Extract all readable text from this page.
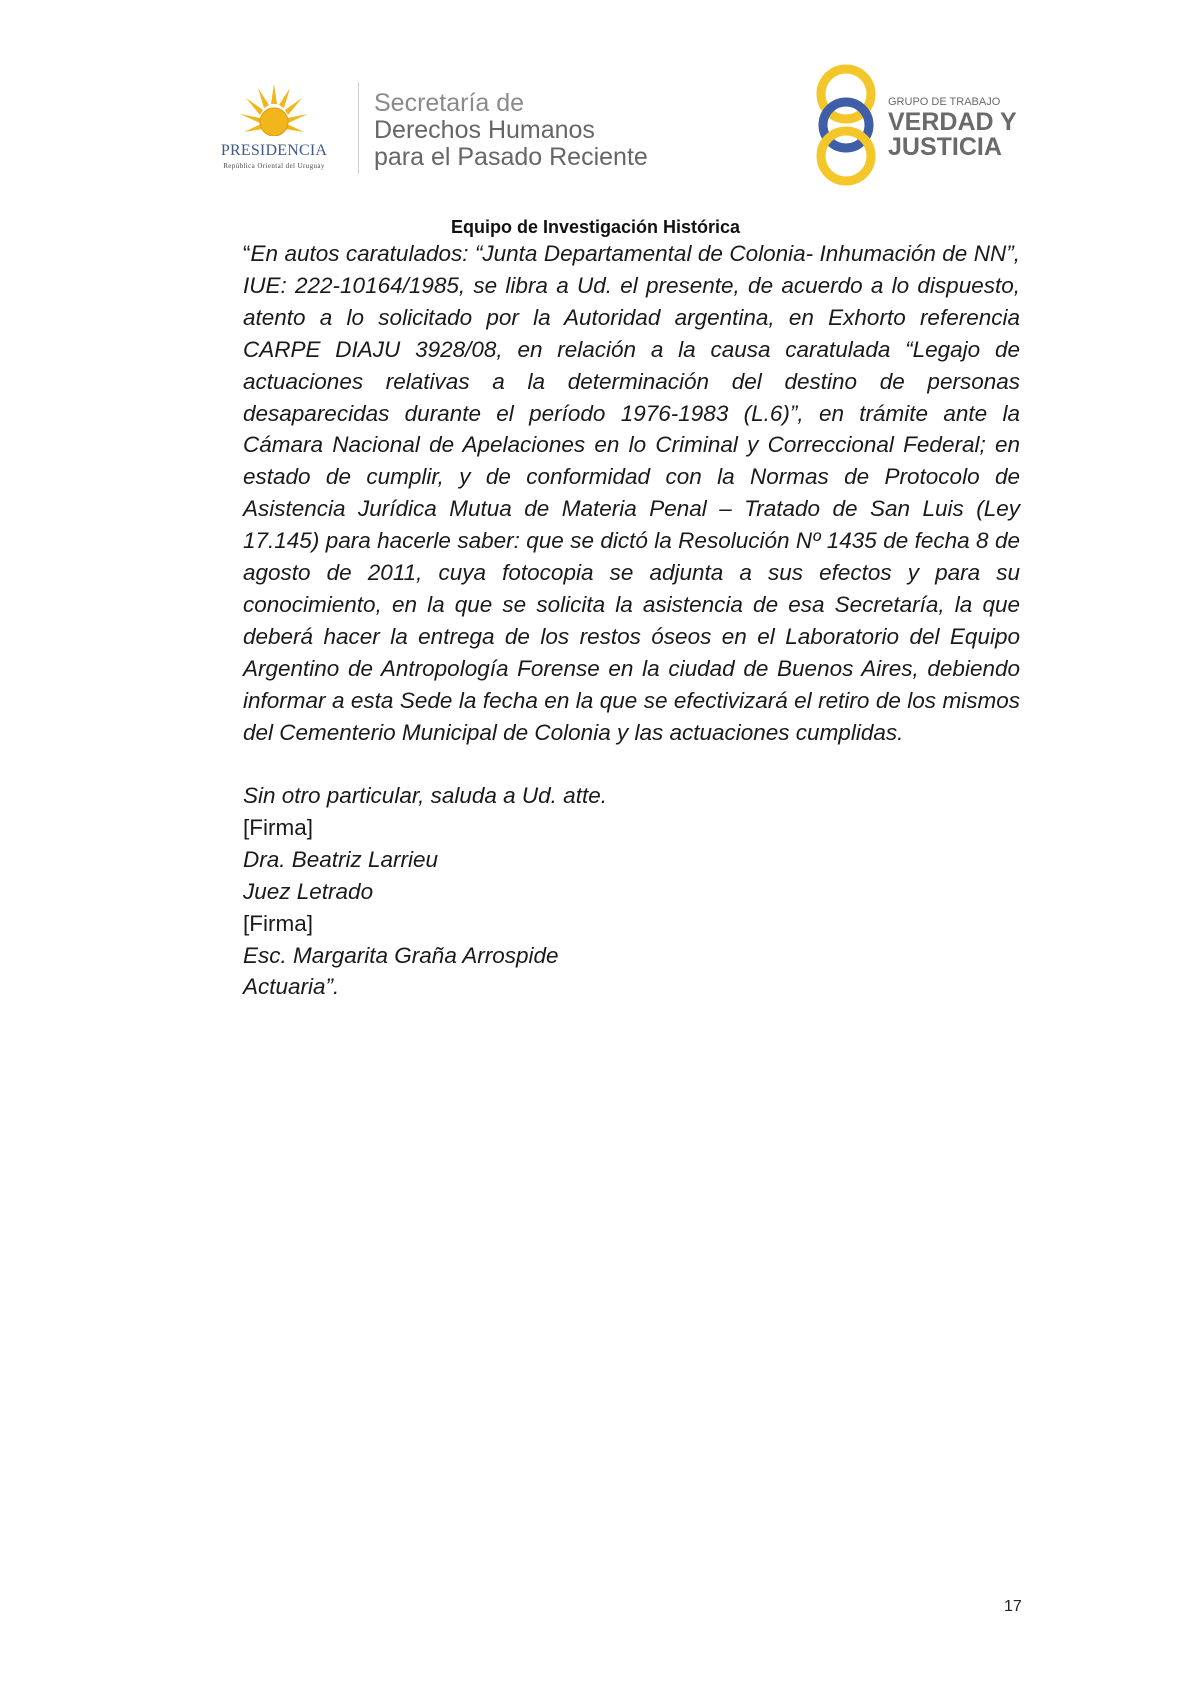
PRESIDENCIA
República Oriental del Uruguay
Secretaría de
Derechos Humanos
para el Pasado Reciente
GRUPO DE TRABAJO
VERDAD Y
JUSTICIA
Equipo de Investigación Histórica
“En autos caratulados: “Junta Departamental de Colonia- Inhumación de NN”, IUE: 222-10164/1985, se libra a Ud. el presente, de acuerdo a lo dispuesto, atento a lo solicitado por la Autoridad argentina, en Exhorto referencia CARPE DIAJU 3928/08, en relación a la causa caratulada “Legajo de actuaciones relativas a la determinación del destino de personas desaparecidas durante el período 1976-1983 (L.6)”, en trámite ante la Cámara Nacional de Apelaciones en lo Criminal y Correccional Federal; en estado de cumplir, y de conformidad con la Normas de Protocolo de Asistencia Jurídica Mutua de Materia Penal – Tratado de San Luis (Ley 17.145) para hacerle saber: que se dictó la Resolución Nº 1435 de fecha 8 de agosto de 2011, cuya fotocopia se adjunta a sus efectos y para su conocimiento, en la que se solicita la asistencia de esa Secretaría, la que deberá hacer la entrega de los restos óseos en el Laboratorio del Equipo Argentino de Antropología Forense en la ciudad de Buenos Aires, debiendo informar a esta Sede la fecha en la que se efectivizará el retiro de los mismos del Cementerio Municipal de Colonia y las actuaciones cumplidas.
Sin otro particular, saluda a Ud. atte.
[Firma]
Dra. Beatriz Larrieu
Juez Letrado
[Firma]
Esc. Margarita Graña Arrospide
Actuaria”.
17
